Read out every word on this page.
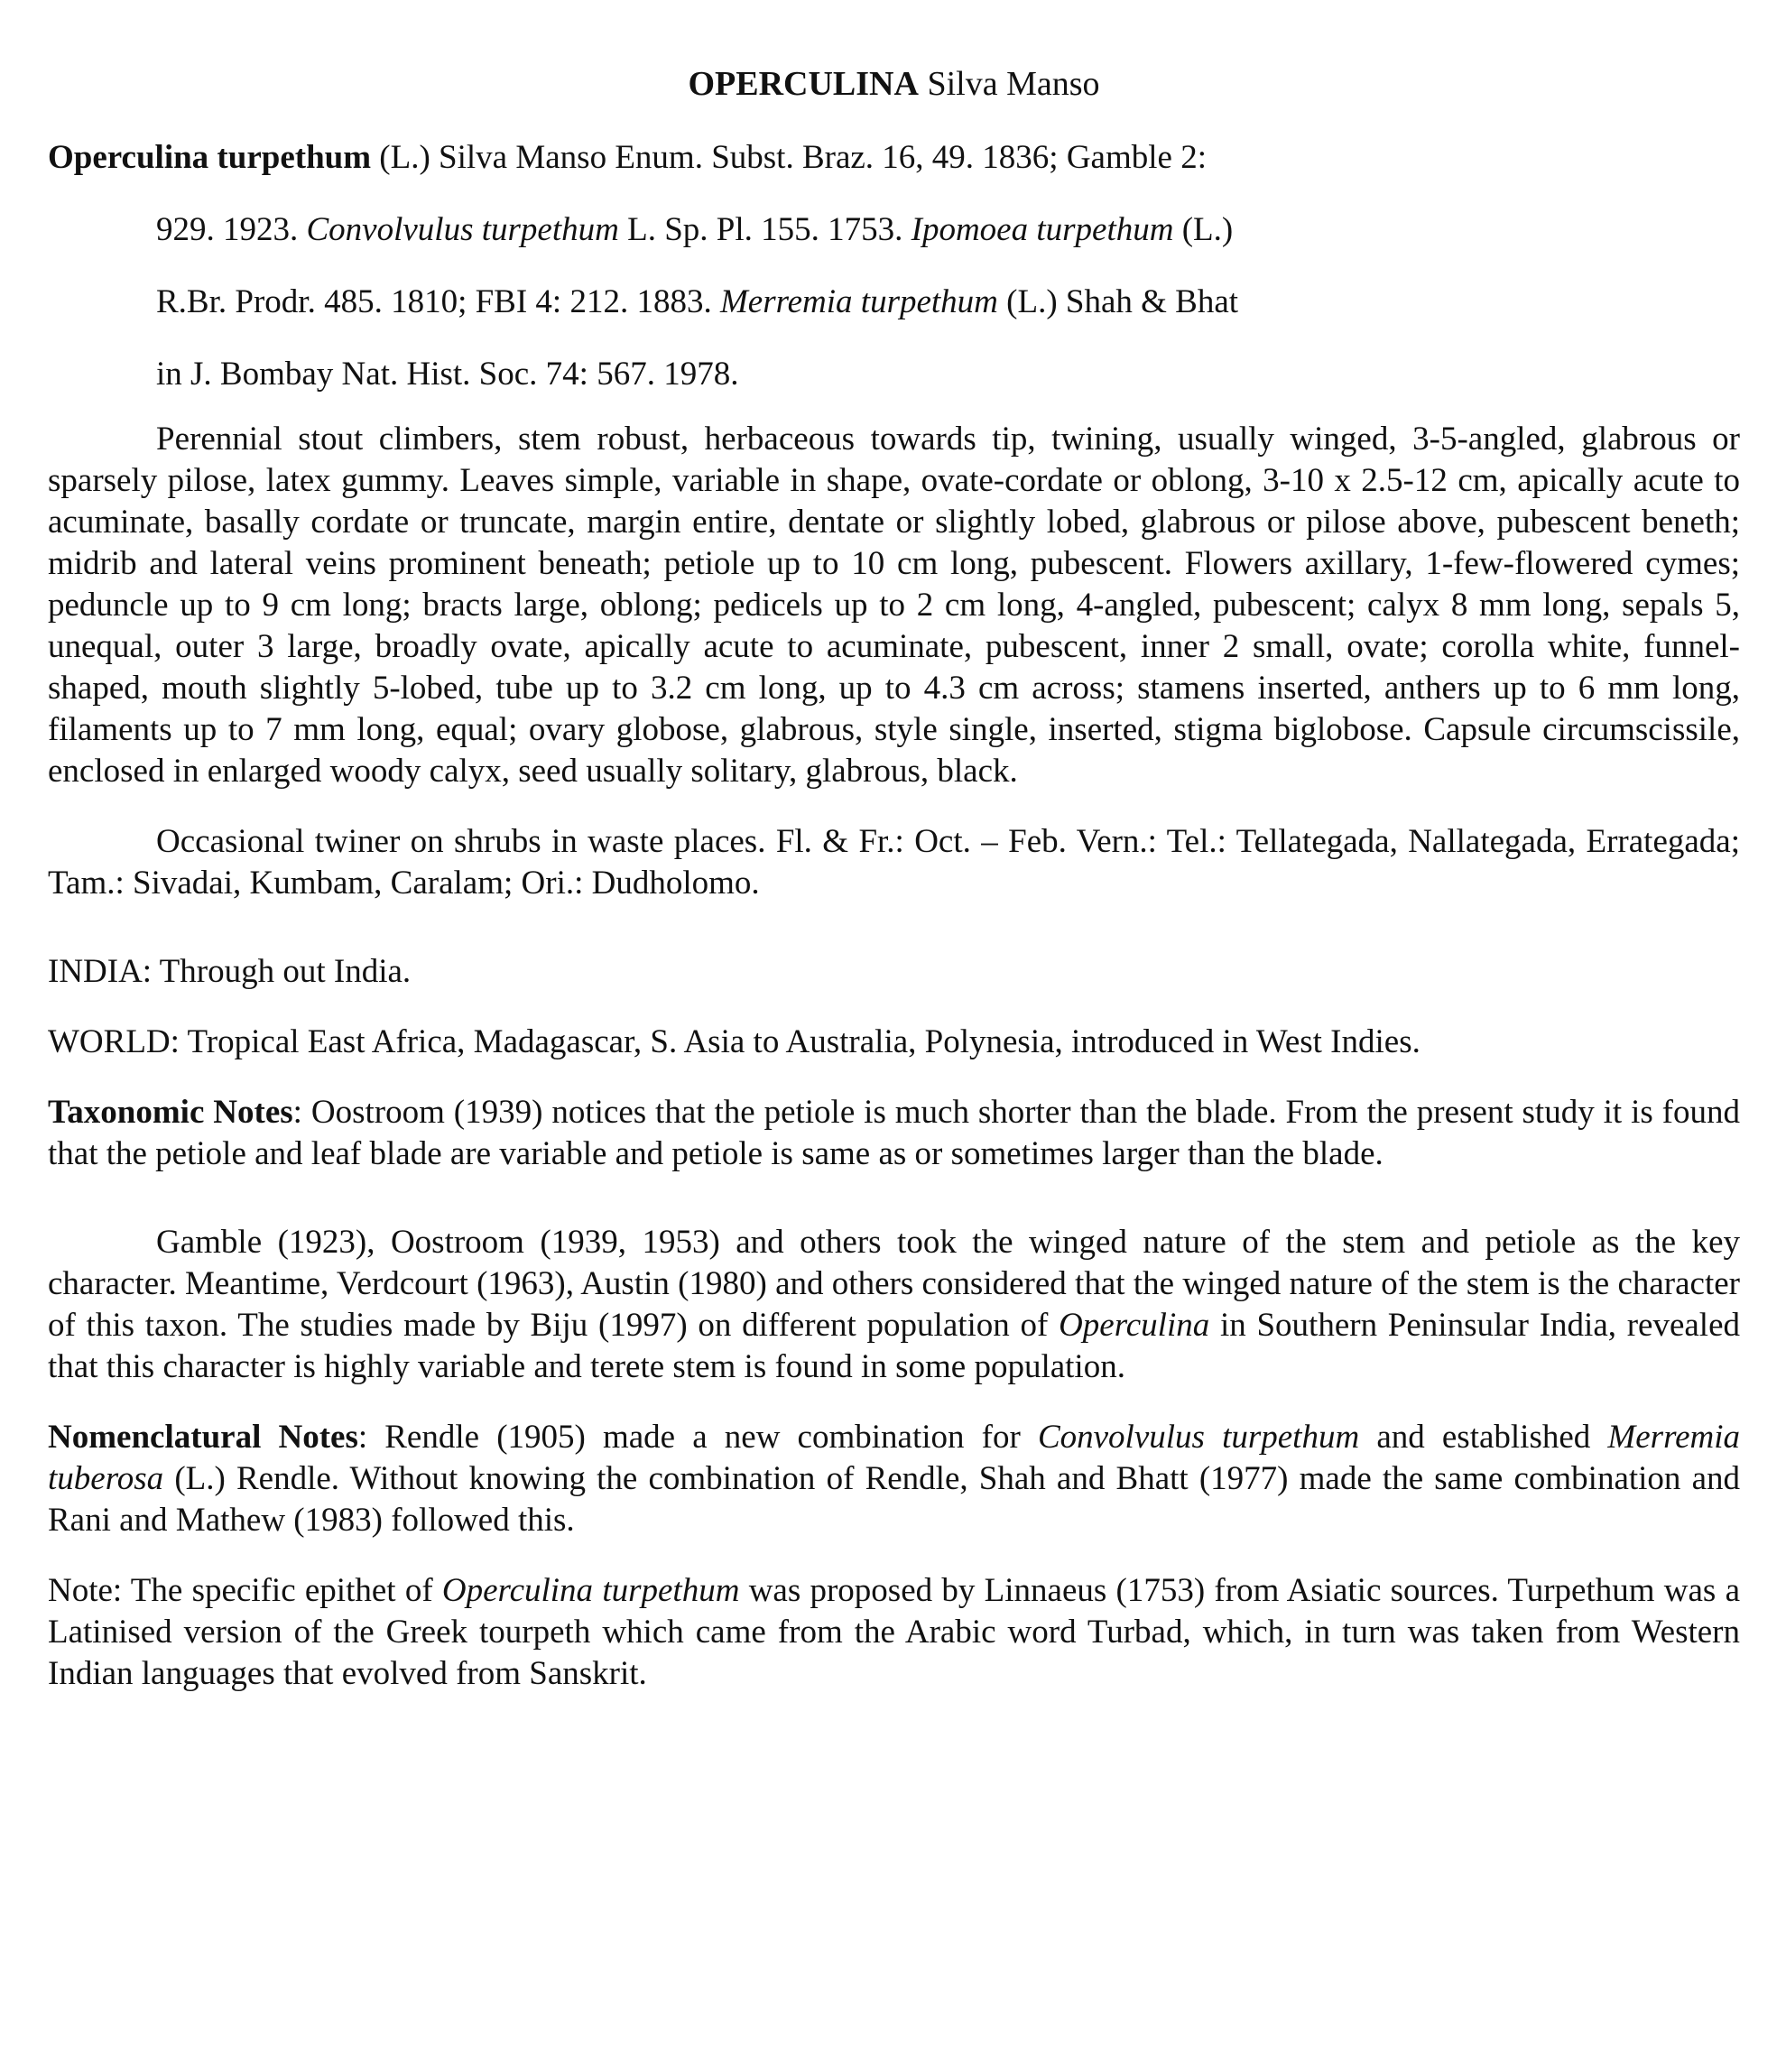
OPERCULINA Silva Manso

Operculina turpethum (L.) Silva Manso Enum. Subst. Braz. 16, 49. 1836; Gamble 2:

929. 1923. Convolvulus turpethum L. Sp. Pl. 155. 1753. Ipomoea turpethum (L.)

R.Br. Prodr. 485. 1810; FBI 4: 212. 1883. Merremia turpethum (L.) Shah & Bhat

in J. Bombay Nat. Hist. Soc. 74: 567. 1978.

Perennial stout climbers, stem robust, herbaceous towards tip, twining, usually winged, 3-5-angled, glabrous or sparsely pilose, latex gummy. Leaves simple, variable in shape, ovate-cordate or oblong, 3-10 x 2.5-12 cm, apically acute to acuminate, basally cordate or truncate, margin entire, dentate or slightly lobed, glabrous or pilose above, pubescent beneth; midrib and lateral veins prominent beneath; petiole up to 10 cm long, pubescent. Flowers axillary, 1-few-flowered cymes; peduncle up to 9 cm long; bracts large, oblong; pedicels up to 2 cm long, 4-angled, pubescent; calyx 8 mm long, sepals 5, unequal, outer 3 large, broadly ovate, apically acute to acuminate, pubescent, inner 2 small, ovate; corolla white, funnel-shaped, mouth slightly 5-lobed, tube up to 3.2 cm long, up to 4.3 cm across; stamens inserted, anthers up to 6 mm long, filaments up to 7 mm long, equal; ovary globose, glabrous, style single, inserted, stigma biglobose. Capsule circumscissile, enclosed in enlarged woody calyx, seed usually solitary, glabrous, black.

Occasional twiner on shrubs in waste places. Fl. & Fr.: Oct. – Feb. Vern.: Tel.: Tellategada, Nallategada, Errategada; Tam.: Sivadai, Kumbam, Caralam; Ori.: Dudholomo.

INDIA: Through out India.

WORLD: Tropical East Africa, Madagascar, S. Asia to Australia, Polynesia, introduced in West Indies.

Taxonomic Notes: Oostroom (1939) notices that the petiole is much shorter than the blade. From the present study it is found that the petiole and leaf blade are variable and petiole is same as or sometimes larger than the blade.

Gamble (1923), Oostroom (1939, 1953) and others took the winged nature of the stem and petiole as the key character. Meantime, Verdcourt (1963), Austin (1980) and others considered that the winged nature of the stem is the character of this taxon. The studies made by Biju (1997) on different population of Operculina in Southern Peninsular India, revealed that this character is highly variable and terete stem is found in some population.

Nomenclatural Notes: Rendle (1905) made a new combination for Convolvulus turpethum and established Merremia tuberosa (L.) Rendle. Without knowing the combination of Rendle, Shah and Bhatt (1977) made the same combination and Rani and Mathew (1983) followed this.

Note: The specific epithet of Operculina turpethum was proposed by Linnaeus (1753) from Asiatic sources. Turpethum was a Latinised version of the Greek tourpeth which came from the Arabic word Turbad, which, in turn was taken from Western Indian languages that evolved from Sanskrit.
